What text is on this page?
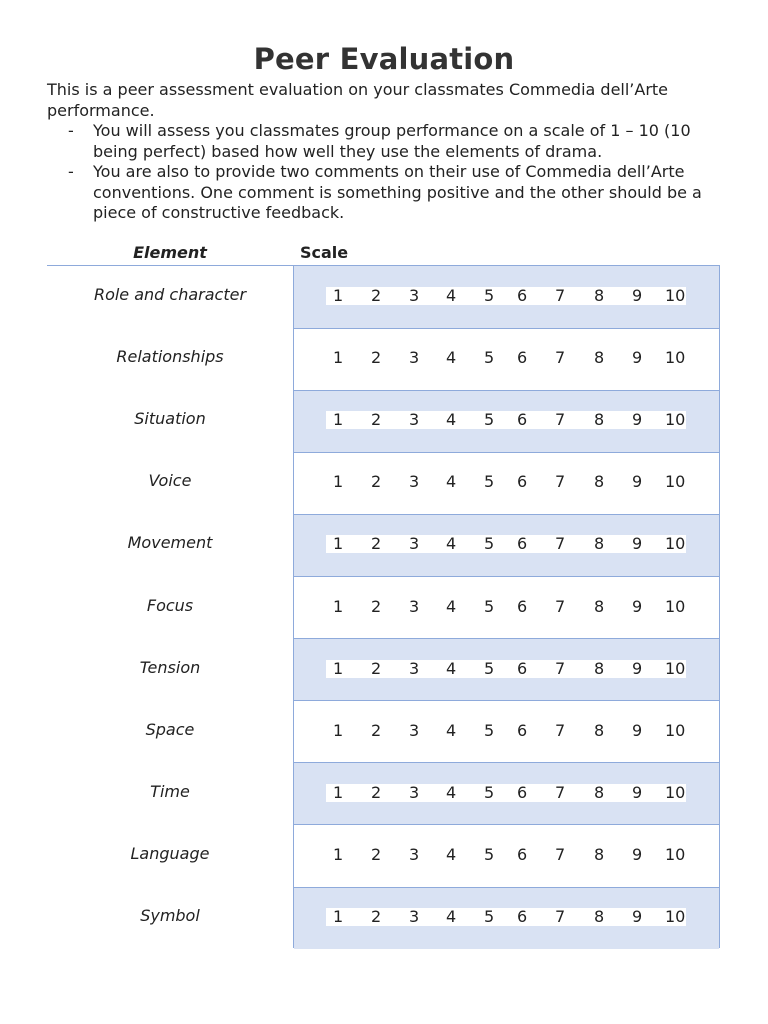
Peer Evaluation

This is a peer assessment evaluation on your classmates Commedia dell’Arte performance.

- You will assess you classmates group performance on a scale of 1 – 10 (10 being perfect) based how well they use the elements of drama.
- You are also to provide two comments on their use of Commedia dell’Arte conventions. One comment is something positive and the other should be a piece of constructive feedback.
Element	Scale
Role and character	1 2 3 4 5 6 7 8 9 10
Relationships	1 2 3 4 5 6 7 8 9 10
Situation	1 2 3 4 5 6 7 8 9 10
Voice	1 2 3 4 5 6 7 8 9 10
Movement	1 2 3 4 5 6 7 8 9 10
Focus	1 2 3 4 5 6 7 8 9 10
Tension	1 2 3 4 5 6 7 8 9 10
Space	1 2 3 4 5 6 7 8 9 10
Time	1 2 3 4 5 6 7 8 9 10
Language	1 2 3 4 5 6 7 8 9 10
Symbol	1 2 3 4 5 6 7 8 9 10
